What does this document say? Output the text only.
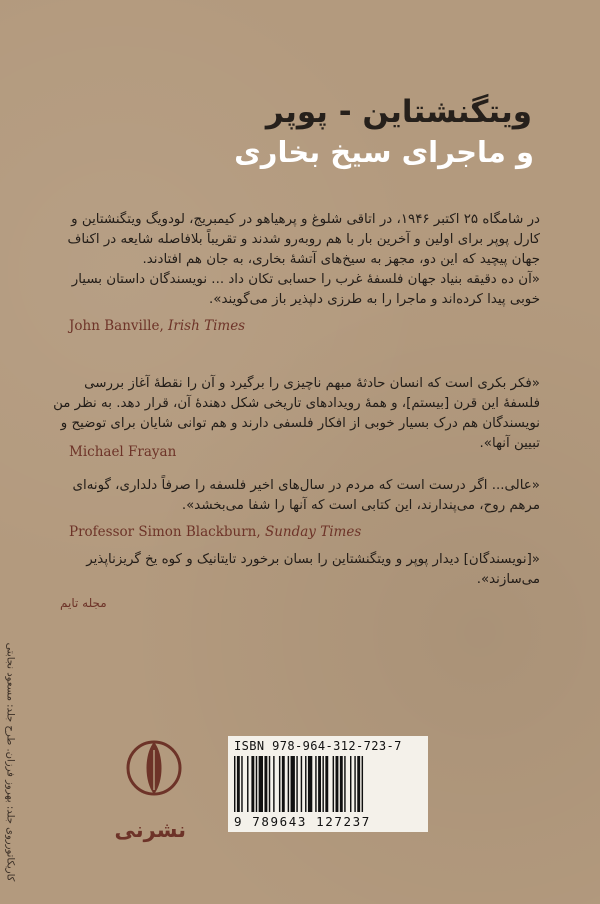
ویتگنشتاین - پوپر
و ماجرای سیخ بخاری
در شامگاه ۲۵ اکتبر ۱۹۴۶، در اتاقی شلوغ و پرهیاهو در کیمبریج، لودویگ ویتگنشتاین و کارل پوپر برای اولین و آخرین بار با هم روبه‌رو شدند و تقریباً بلافاصله شایعه در اکناف جهان پیچید که این دو، مجهز به سیخ‌های آتشهٔ بخاری، به جان هم افتادند.
«آن ده دقیقه بنیاد جهان فلسفهٔ غرب را حسابی تکان داد ... نویسندگان داستان بسیار خوبی پیدا کرده‌اند و ماجرا را به طرزی دلپذیر باز می‌گویند».
John Banville, Irish Times
«فکر بکری است که انسان حادثهٔ مبهم ناچیزی را برگیرد و آن را نقطهٔ آغاز بررسی فلسفهٔ این قرن [بیستم]، و همهٔ رویدادهای تاریخی شکل دهندهٔ آن، قرار دهد. به نظر من نویسندگان هم درک بسیار خوبی از افکار فلسفی دارند و هم توانی شایان برای توضیح و تبیین آنها».
Michael Frayan
«عالی... اگر درست است که مردم در سال‌های اخیر فلسفه را صرفاً دلداری، گونه‌ای مرهم روح، می‌پندارند، این کتابی است که آنها را شفا می‌بخشد».
Professor Simon Blackburn, Sunday Times
«[نویسندگان] دیدار پوپر و ویتگنشتاین را بسان برخورد تایتانیک و کوه یخ گریزناپذیر می‌سازند».
مجله تایم
کاریکاتورروی جلد: بهروز فرزان. طرح جلد: مسعود نجابتی	نشرنی
ISBN 978-964-312-723-7
9 789643 127237
